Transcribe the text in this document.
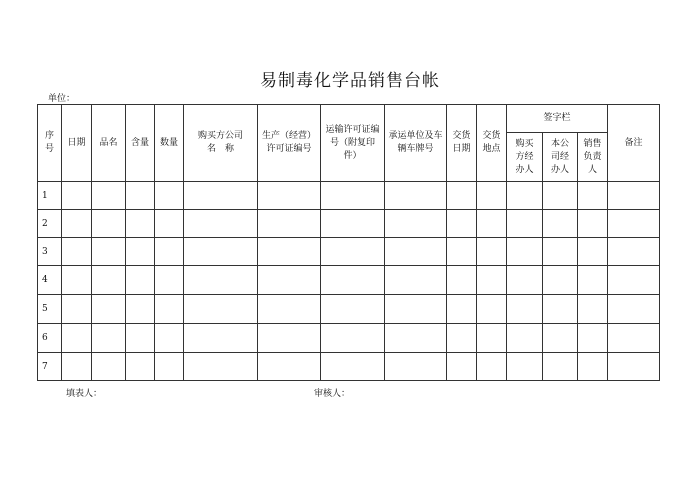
易制毒化学品销售台帐
单位：
序号	日期	品名	含量	数量	购买方公司名　称	生产（经营）许可证编号	运输许可证编号（附复印件）	承运单位及车辆车牌号	交货日期	交货地点	签字栏			备注
											购买方经办人	本公司经办人	销售负责人	
1														
2														
3														
4														
5														
6														
7														
填表人：	审核人：
